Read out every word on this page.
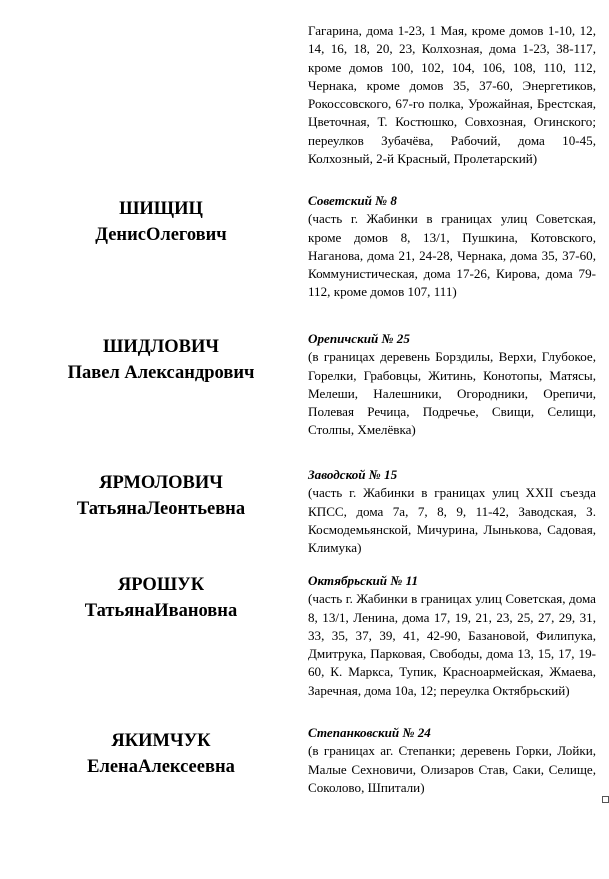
Гагарина, дома 1-23, 1 Мая, кроме домов 1-10, 12, 14, 16, 18, 20, 23, Колхозная, дома 1-23, 38-117, кроме домов 100, 102, 104, 106, 108, 110, 112, Чернака, кроме домов 35, 37-60, Энергетиков, Рокоссовского, 67-го полка, Урожайная, Брестская, Цветочная, Т. Костюшко, Совхозная, Огинского; переулков Зубачёва, Рабочий, дома 10-45, Колхозный, 2-й Красный, Пролетарский)
ШИЩИЦ
ДенисОлегович
Советский № 8
(часть г. Жабинки в границах улиц Советская, кроме домов 8, 13/1, Пушкина, Котовского, Наганова, дома 21, 24-28, Чернака, дома 35, 37-60, Коммунистическая, дома 17-26, Кирова, дома 79-112, кроме домов 107, 111)
ШИДЛОВИЧ
Павел Александрович
Орепичский № 25
(в границах деревень Борздилы, Верхи, Глубокое, Горелки, Грабовцы, Житинь, Конотопы, Матясы, Мелеши, Налешники, Огородники, Орепичи, Полевая Речица, Подречье, Свищи, Селищи, Столпы, Хмелёвка)
ЯРМОЛОВИЧ
ТатьянаЛеонтьевна
Заводской № 15
(часть г. Жабинки в границах улиц XXII съезда КПСС, дома 7а, 7, 8, 9, 11-42, Заводская, З. Космодемьянской, Мичурина, Лыньковa, Садовая, Климука)
ЯРОШУК
ТатьянаИвановна
Октябрьский № 11
(часть г. Жабинки в границах улиц Советская, дома 8, 13/1, Ленина, дома 17, 19, 21, 23, 25, 27, 29, 31, 33, 35, 37, 39, 41, 42-90, Базановой, Филипука, Дмитрука, Парковая, Свободы, дома 13, 15, 17, 19-60, К. Маркса, Тупик, Красноармейская, Жмаева, Заречная, дома 10а, 12; переулка Октябрьский)
ЯКИМЧУК
ЕленаАлексеевна
Степанковский № 24
(в границах аг. Степанки; деревень Горки, Лойки, Малые Сехновичи, Олизаров Став, Саки, Селище, Соколово, Шпитали)
